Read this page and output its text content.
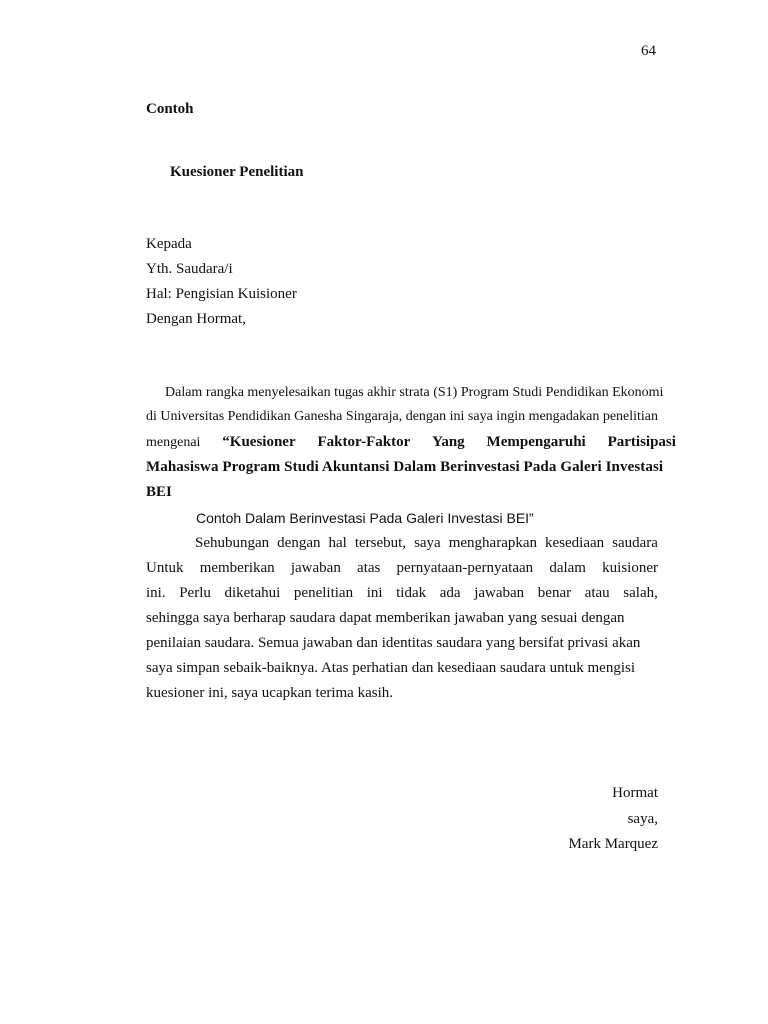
64
Contoh
Kuesioner Penelitian
Kepada
Yth. Saudara/i
Hal: Pengisian Kuisioner
Dengan Hormat,
Dalam rangka menyelesaikan tugas akhir strata (S1) Program Studi Pendidikan Ekonomi
di Universitas Pendidikan Ganesha Singaraja, dengan ini saya ingin mengadakan penelitian
mengenai “Kuesioner Faktor-Faktor Yang Mempengaruhi Partisipasi
Mahasiswa Program Studi Akuntansi Dalam Berinvestasi Pada Galeri Investasi
BEI
Contoh Dalam Berinvestasi Pada Galeri Investasi BEI”
Sehubungan dengan hal tersebut, saya mengharapkan kesediaan saudara
Untuk memberikan jawaban atas pernyataan-pernyataan dalam kuisioner
ini. Perlu diketahui penelitian ini tidak ada jawaban benar atau salah,
sehingga saya berharap saudara dapat memberikan jawaban yang sesuai dengan
penilaian saudara. Semua jawaban dan identitas saudara yang bersifat privasi akan
saya simpan sebaik-baiknya. Atas perhatian dan kesediaan saudara untuk mengisi
kuesioner ini, saya ucapkan terima kasih.
Hormat
saya,
Mark Marquez
